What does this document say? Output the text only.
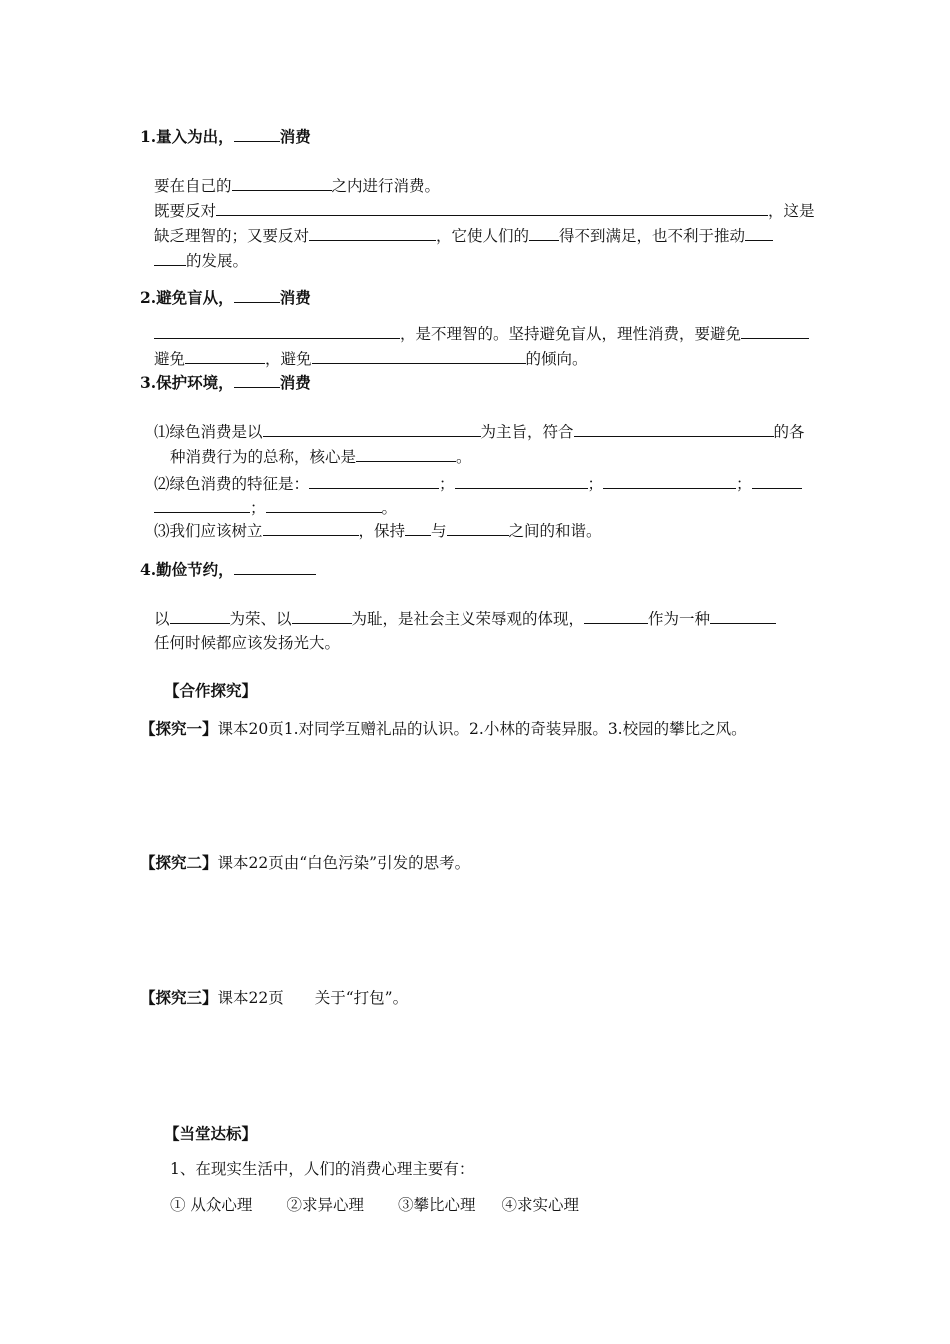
1.量入为出，	消费
要在自己的	之内进行消费。
既要反对	，这是
缺乏理智的；又要反对	，它使人们的 得不到满足，也不利于推动
的发展。
2.避免盲从，	消费
，是不理智的。坚持避免盲从，理性消费，要避免
避免	，避免	的倾向。
3.保护环境，	消费
⑴绿色消费是以	为主旨，符合	的各
种消费行为的总称，核心是	。
⑵绿色消费的特征是：	；	；	；
；	。
⑶我们应该树立	，保持 与	之间的和谐。
4.勤俭节约，
以	为荣、以	为耻，是社会主义荣辱观的体现，	作为一种
任何时候都应该发扬光大。
【合作探究】
【探究一】课本20页1.对同学互赠礼品的认识。2.小林的奇装异服。3.校园的攀比之风。
【探究二】课本22页由“白色污染”引发的思考。
【探究三】课本22页　　关于“打包”。
【当堂达标】
1、在现实生活中，人们的消费心理主要有：
① 从众心理 ②求异心理 ③攀比心理 ④求实心理
